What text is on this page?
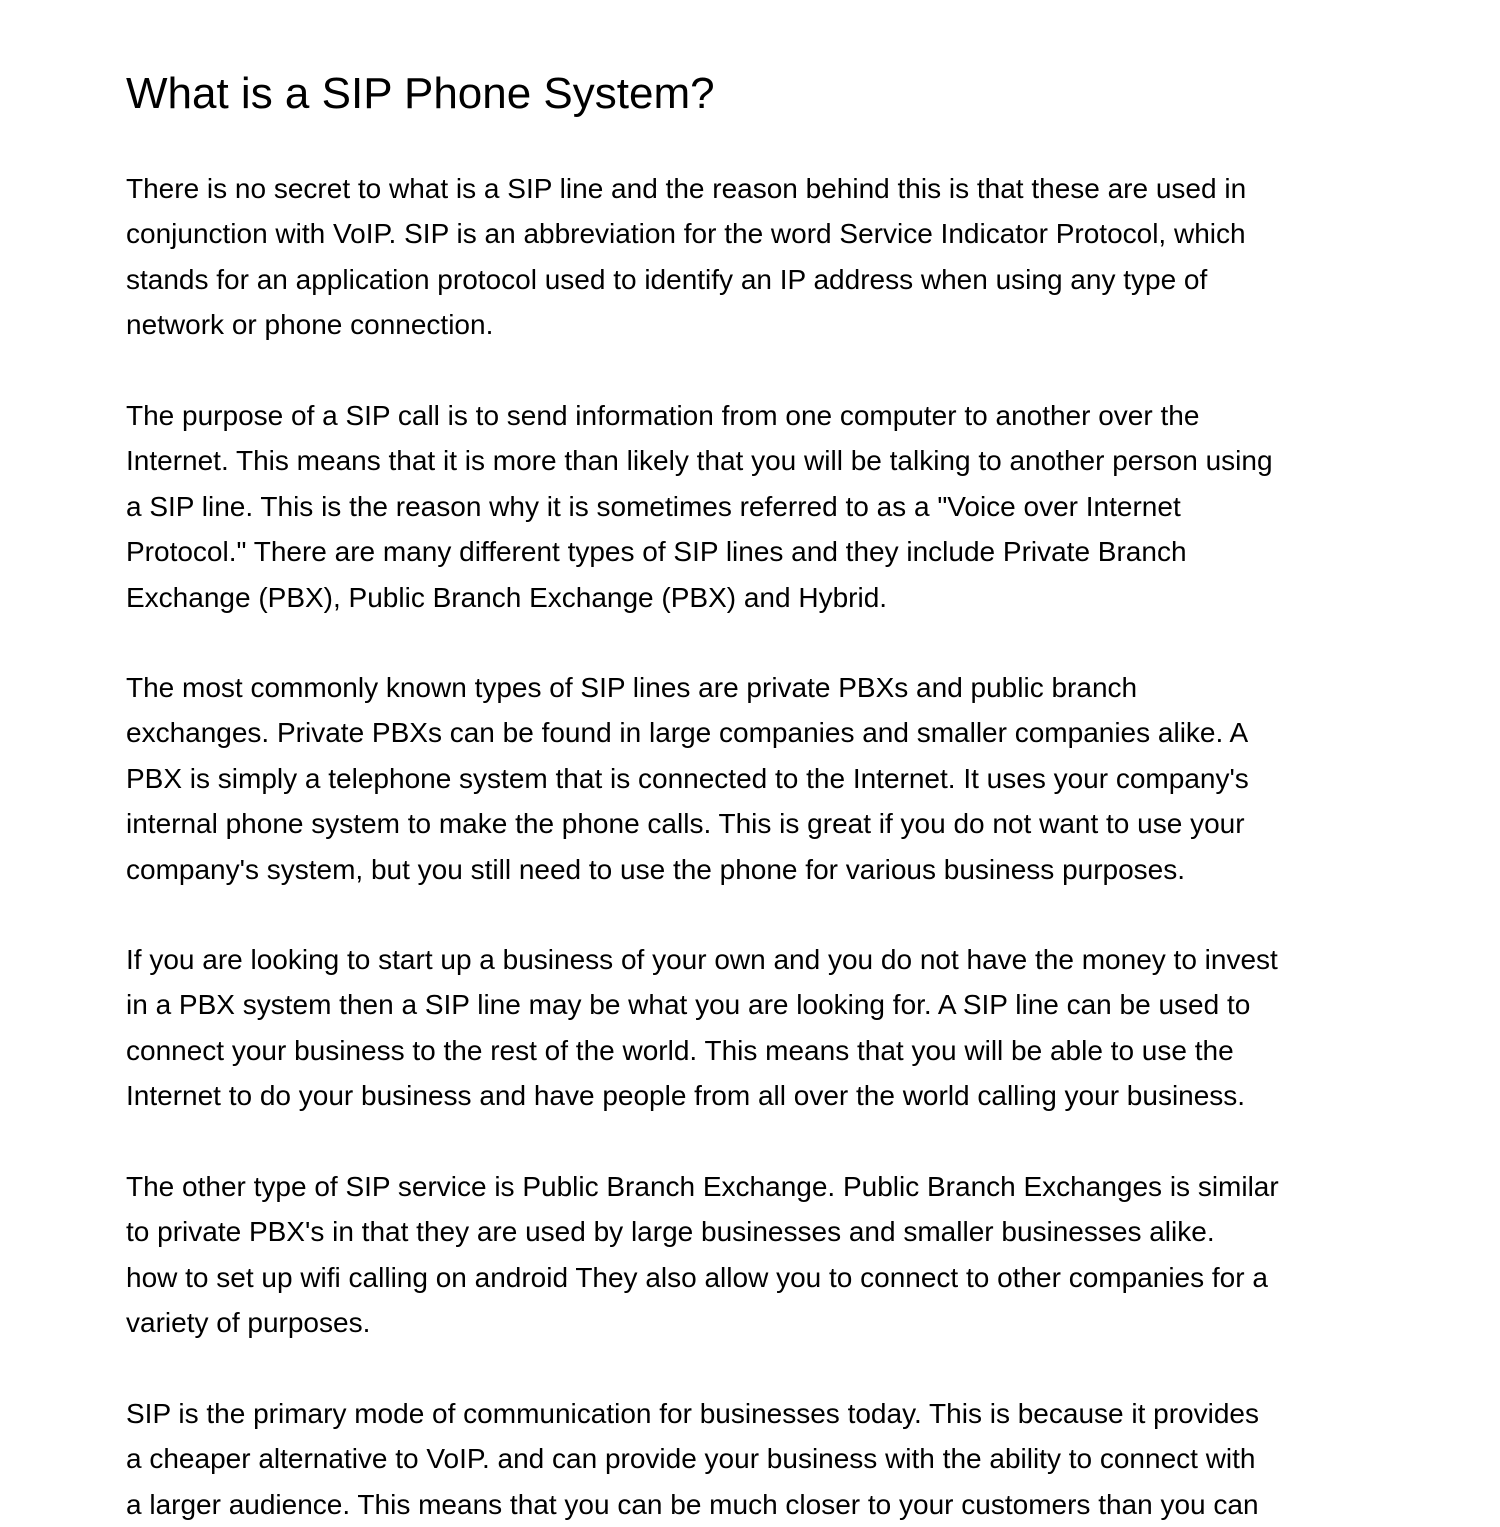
What is a SIP Phone System?

There is no secret to what is a SIP line and the reason behind this is that these are used in
conjunction with VoIP. SIP is an abbreviation for the word Service Indicator Protocol, which
stands for an application protocol used to identify an IP address when using any type of
network or phone connection.

The purpose of a SIP call is to send information from one computer to another over the
Internet. This means that it is more than likely that you will be talking to another person using
a SIP line. This is the reason why it is sometimes referred to as a "Voice over Internet
Protocol." There are many different types of SIP lines and they include Private Branch
Exchange (PBX), Public Branch Exchange (PBX) and Hybrid.

The most commonly known types of SIP lines are private PBXs and public branch
exchanges. Private PBXs can be found in large companies and smaller companies alike. A
PBX is simply a telephone system that is connected to the Internet. It uses your company's
internal phone system to make the phone calls. This is great if you do not want to use your
company's system, but you still need to use the phone for various business purposes.

If you are looking to start up a business of your own and you do not have the money to invest
in a PBX system then a SIP line may be what you are looking for. A SIP line can be used to
connect your business to the rest of the world. This means that you will be able to use the
Internet to do your business and have people from all over the world calling your business.

The other type of SIP service is Public Branch Exchange. Public Branch Exchanges is similar
to private PBX's in that they are used by large businesses and smaller businesses alike.
how to set up wifi calling on android They also allow you to connect to other companies for a
variety of purposes.

SIP is the primary mode of communication for businesses today. This is because it provides
a cheaper alternative to VoIP. and can provide your business with the ability to connect with
a larger audience. This means that you can be much closer to your customers than you can
